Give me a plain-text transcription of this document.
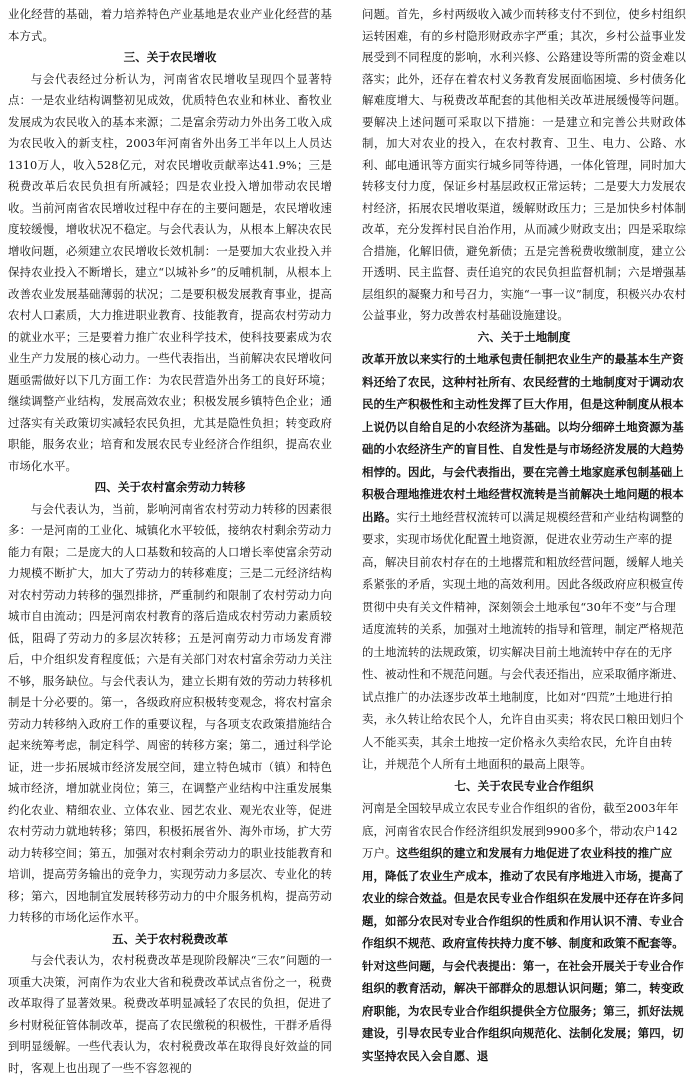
业化经营的基础，着力培养特色产业基地是农业产业化经营的基本方式。

三、关于农民增收

与会代表经过分析认为，河南省农民增收呈现四个显著特点：一是农业结构调整初见成效，优质特色农业和林业、畜牧业发展成为农民收入的基本来源；二是富余劳动力外出务工收入成为农民收入的新支柱，2003年河南省外出务工半年以上人员达1310万人，收入528亿元，对农民增收贡献率达41.9%；三是税费改革后农民负担有所减轻；四是农业投入增加带动农民增收。当前河南省农民增收过程中存在的主要问题是，农民增收速度较缓慢，增收状况不稳定。与会代表认为，从根本上解决农民增收问题，必须建立农民增收长效机制：一是要加大农业投入并保持农业投入不断增长，建立“以城补乡”的反哺机制，从根本上改善农业发展基础薄弱的状况；二是要积极发展教育事业，提高农村人口素质，大力推进职业教育、技能教育，提高农村劳动力的就业水平；三是要着力推广农业科学技术，使科技要素成为农业生产力发展的核心动力。一些代表指出，当前解决农民增收问题亟需做好以下几方面工作：为农民营造外出务工的良好环境；继续调整产业结构，发展高效农业；积极发展乡镇特色企业；通过落实有关政策切实减轻农民负担，尤其是隐性负担；转变政府职能，服务农业；培育和发展农民专业经济合作组织，提高农业市场化水平。

四、关于农村富余劳动力转移

与会代表认为，当前，影响河南省农村劳动力转移的因素很多：一是河南的工业化、城镇化水平较低，接纳农村剩余劳动力能力有限；二是庞大的人口基数和较高的人口增长率使富余劳动力规模不断扩大，加大了劳动力的转移难度；三是二元经济结构对农村劳动力转移的强烈排挤，严重制约和限制了农村劳动力向城市自由流动；四是河南农村教育的落后造成农村劳动力素质较低，阻碍了劳动力的多层次转移；五是河南劳动力市场发育滞后，中介组织发育程度低；六是有关部门对农村富余劳动力关注不够，服务缺位。与会代表认为，建立长期有效的劳动力转移机制是十分必要的。第一，各级政府应积极转变观念，将农村富余劳动力转移纳入政府工作的重要议程，与各项支农政策措施结合起来统筹考虑，制定科学、周密的转移方案；第二，通过科学论证，进一步拓展城市经济发展空间，建立特色城市（镇）和特色城市经济，增加就业岗位；第三，在调整产业结构中注重发展集约化农业、精细农业、立体农业、园艺农业、观光农业等，促进农村劳动力就地转移；第四，积极拓展省外、海外市场，扩大劳动力转移空间；第五，加强对农村剩余劳动力的职业技能教育和培训，提高劳务输出的竞争力，实现劳动力多层次、专业化的转移；第六，因地制宜发展转移劳动力的中介服务机构，提高劳动力转移的市场化运作水平。

五、关于农村税费改革

与会代表认为，农村税费改革是现阶段解决“三农”问题的一项重大决策，河南作为农业大省和税费改革试点省份之一，税费改革取得了显著效果。税费改革明显减轻了农民的负担，促进了乡村财税征管体制改革，提高了农民缴税的积极性，干群矛盾得到明显缓解。一些代表认为，农村税费改革在取得良好效益的同时，客观上也出现了一些不容忽视的

问题。首先，乡村两级收入减少而转移支付不到位，使乡村组织运转困难，有的乡村隐形财政赤字严重；其次，乡村公益事业发展受到不同程度的影响，水利兴修、公路建设等所需的资金难以落实；此外，还存在着农村义务教育发展面临困境、乡村债务化解难度增大、与税费改革配套的其他相关改革进展缓慢等问题。要解决上述问题可采取以下措施：一是建立和完善公共财政体制，加大对农业的投入，在农村教育、卫生、电力、公路、水利、邮电通讯等方面实行城乡同等待遇，一体化管理，同时加大转移支付力度，保证乡村基层政权正常运转；二是要大力发展农村经济，拓展农民增收渠道，缓解财政压力；三是加快乡村体制改革，充分发挥村民自治作用，从而减少财政支出；四是采取综合措施，化解旧债，避免新债；五是完善税费收缴制度，建立公开透明、民主监督、责任追究的农民负担监督机制；六是增强基层组织的凝聚力和号召力，实施“一事一议”制度，积极兴办农村公益事业，努力改善农村基础设施建设。

六、关于土地制度

改革开放以来实行的土地承包责任制把农业生产的最基本生产资料还给了农民，这种村社所有、农民经营的土地制度对于调动农民的生产积极性和主动性发挥了巨大作用，但是这种制度从根本上说仍以自给自足的小农经济为基础。以均分细碎土地资源为基础的小农经济生产的盲目性、自发性是与市场经济发展的大趋势相悖的。因此，与会代表指出，要在完善土地家庭承包制基础上积极合理地推进农村土地经营权流转是当前解决土地问题的根本出路。

实行土地经营权流转可以满足规模经营和产业结构调整的要求，实现市场优化配置土地资源，促进农业劳动生产率的提高，解决目前农村存在的土地撂荒和粗放经营问题，缓解人地关系紧张的矛盾，实现土地的高效利用。因此各级政府应积极宣传贯彻中央有关文件精神，深刻领会土地承包“30年不变”与合理适度流转的关系，加强对土地流转的指导和管理，制定严格规范的土地流转的法规政策，切实解决目前土地流转中存在的无序性、被动性和不规范问题。与会代表还指出，应采取循序渐进、试点推广的办法逐步改革土地制度，比如对“四荒”土地进行拍卖，永久转让给农民个人，允许自由买卖；将农民口粮田划归个人不能买卖，其余土地按一定价格永久卖给农民，允许自由转让，并规范个人所有土地面积的最高上限等。

七、关于农民专业合作组织

河南是全国较早成立农民专业合作组织的省份，截至2003年年底，河南省农民合作经济组织发展到9900多个，带动农户142万户。

这些组织的建立和发展有力地促进了农业科技的推广应用，降低了农业生产成本，推动了农民有序地进入市场，提高了农业的综合效益。但是农民专业合作组织在发展中还存在许多问题，如部分农民对专业合作组织的性质和作用认识不清、专业合作组织不规范、政府宣传扶持力度不够、制度和政策不配套等。针对这些问题，与会代表提出：第一，在社会开展关于专业合作组织的教育活动，解决干部群众的思想认识问题；第二，转变政府职能，为农民专业合作组织提供全方位服务；第三，抓好法规建设，引导农民专业合作组织向规范化、法制化发展；第四，切实坚持农民入会自愿、退
